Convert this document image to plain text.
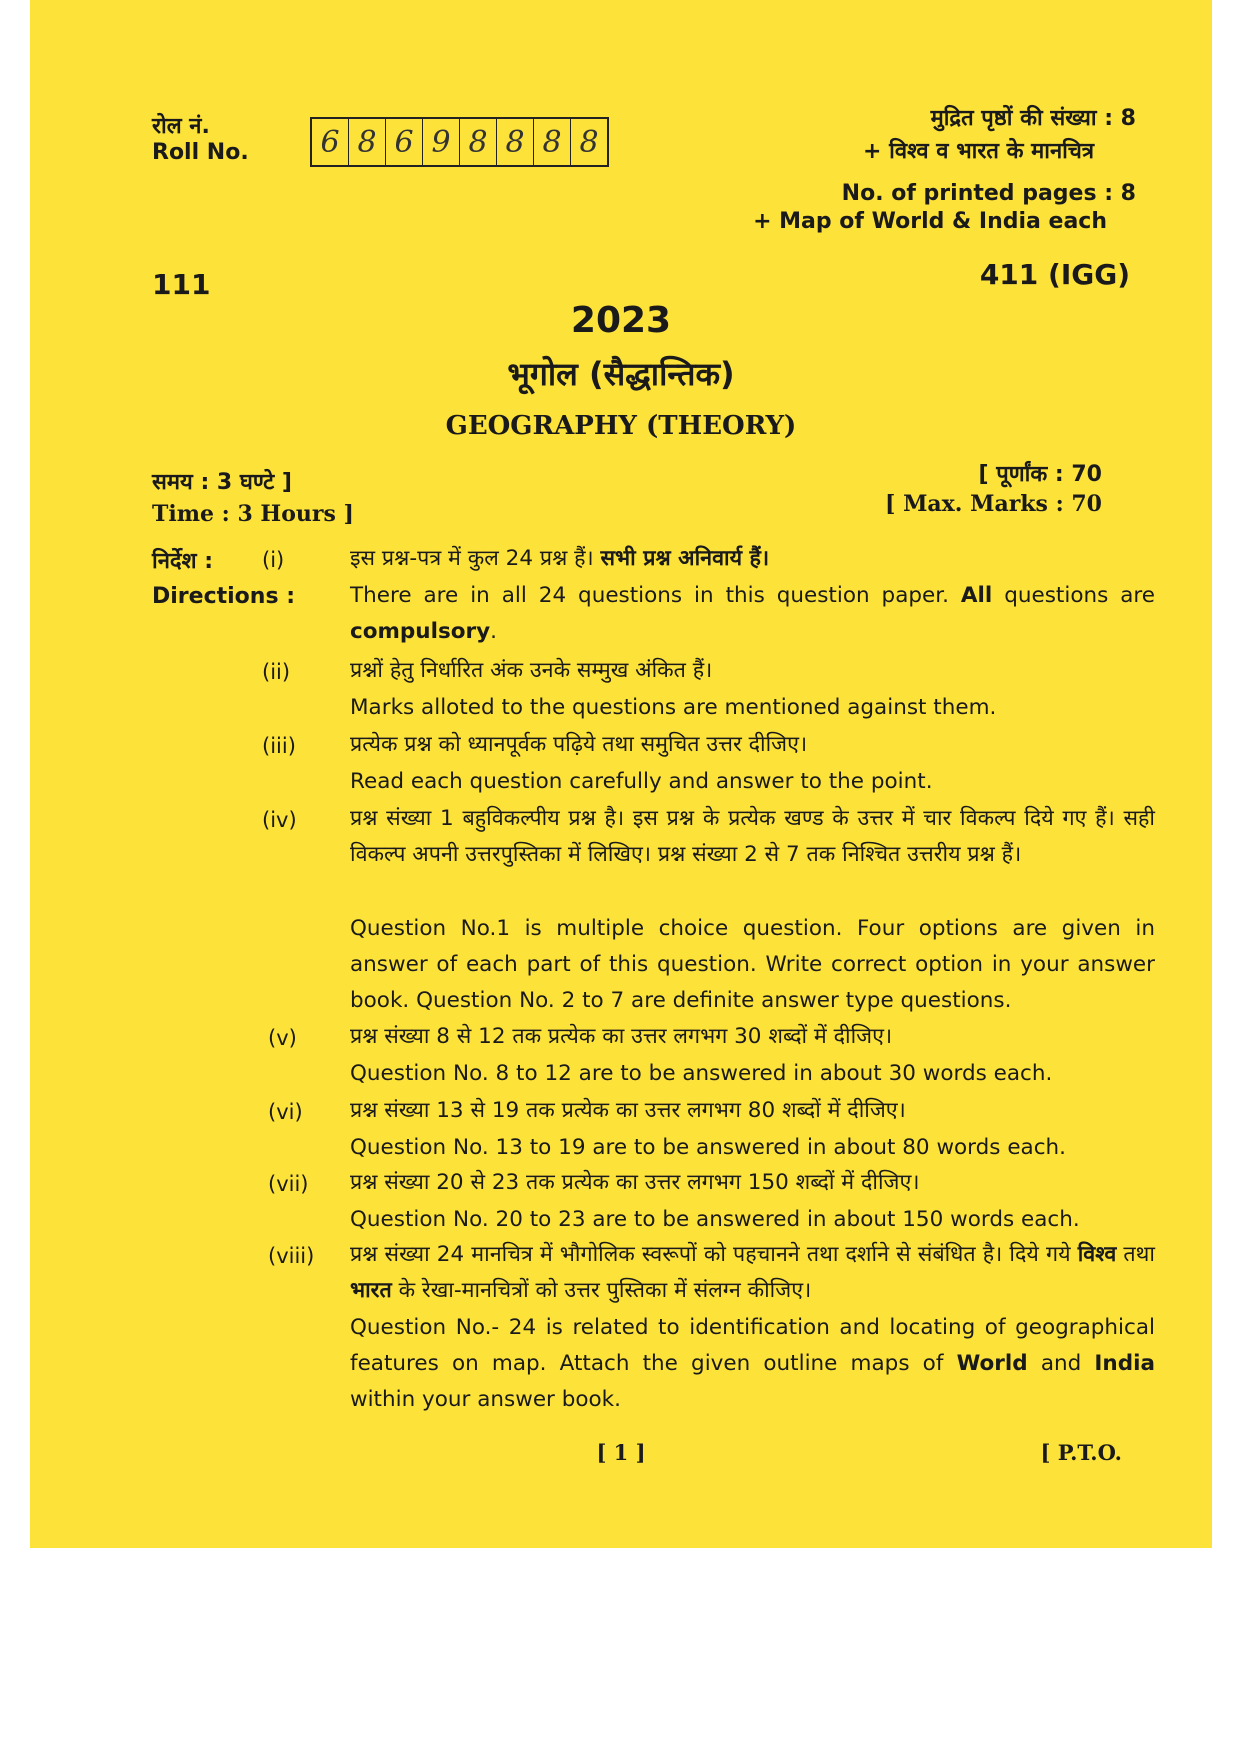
रोल नं.
Roll No. 6 8 6 9 8 8 8 8
मुद्रित पृष्ठों की संख्या : 8
+ विश्व व भारत के मानचित्र
No. of printed pages : 8
+ Map of World & India each
111	411 (IGG)
2023
भूगोल (सैद्धान्तिक)
GEOGRAPHY (THEORY)
समय : 3 घण्टे ]
Time : 3 Hours ]
[ पूर्णांक : 70
[ Max. Marks : 70
निर्देश :
Directions :
(i)	इस प्रश्न-पत्र में कुल 24 प्रश्न हैं। सभी प्रश्न अनिवार्य हैं।
There are in all 24 questions in this question paper. All questions are compulsory.
(ii)	प्रश्नों हेतु निर्धारित अंक उनके सम्मुख अंकित हैं।
Marks alloted to the questions are mentioned against them.
(iii)	प्रत्येक प्रश्न को ध्यानपूर्वक पढ़िये तथा समुचित उत्तर दीजिए।
Read each question carefully and answer to the point.
(iv) प्रश्न संख्या 1 बहुविकल्पीय प्रश्न है। इस प्रश्न के प्रत्येक खण्ड के उत्तर में चार विकल्प दिये गए हैं। सही विकल्प अपनी उत्तरपुस्तिका में लिखिए। प्रश्न संख्या 2 से 7 तक निश्चित उत्तरीय प्रश्न हैं।
Question No.1 is multiple choice question. Four options are given in answer of each part of this question. Write correct option in your answer book. Question No. 2 to 7 are definite answer type questions.
(v) प्रश्न संख्या 8 से 12 तक प्रत्येक का उत्तर लगभग 30 शब्दों में दीजिए।
Question No. 8 to 12 are to be answered in about 30 words each.
(vi) प्रश्न संख्या 13 से 19 तक प्रत्येक का उत्तर लगभग 80 शब्दों में दीजिए।
Question No. 13 to 19 are to be answered in about 80 words each.
(vii) प्रश्न संख्या 20 से 23 तक प्रत्येक का उत्तर लगभग 150 शब्दों में दीजिए।
Question No. 20 to 23 are to be answered in about 150 words each.
(viii) प्रश्न संख्या 24 मानचित्र में भौगोलिक स्वरूपों को पहचानने तथा दर्शाने से संबंधित है। दिये गये विश्व तथा भारत के रेखा-मानचित्रों को उत्तर पुस्तिका में संलग्न कीजिए।
Question No.- 24 is related to identification and locating of geographical features on map. Attach the given outline maps of World and India within your answer book.
[ 1 ]	[ P.T.O.
